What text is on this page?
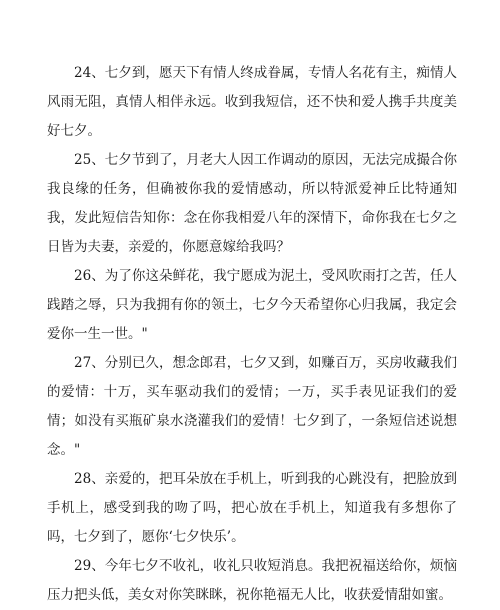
24、七夕到，愿天下有情人终成眷属，专情人名花有主，痴情人风雨无阻，真情人相伴永远。收到我短信，还不快和爱人携手共度美好七夕。

25、七夕节到了，月老大人因工作调动的原因，无法完成撮合你我良缘的任务，但确被你我的爱情感动，所以特派爱神丘比特通知我，发此短信告知你：念在你我相爱八年的深情下，命你我在七夕之日皆为夫妻，亲爱的，你愿意嫁给我吗？

26、为了你这朵鲜花，我宁愿成为泥土，受风吹雨打之苦，任人践踏之辱，只为我拥有你的领土，七夕今天希望你心归我属，我定会爱你一生一世。"

27、分别已久，想念郎君，七夕又到，如赚百万，买房收藏我们的爱情：十万，买车驱动我们的爱情；一万，买手表见证我们的爱情；如没有买瓶矿泉水浇灌我们的爱情！七夕到了，一条短信述说想念。"

28、亲爱的，把耳朵放在手机上，听到我的心跳没有，把脸放到手机上，感受到我的吻了吗，把心放在手机上，知道我有多想你了吗，七夕到了，愿你‘七夕快乐’。

29、今年七夕不收礼，收礼只收短消息。我把祝福送给你，烦恼压力把头低，美女对你笑眯眯，祝你艳福无人比，收获爱情甜如蜜。
